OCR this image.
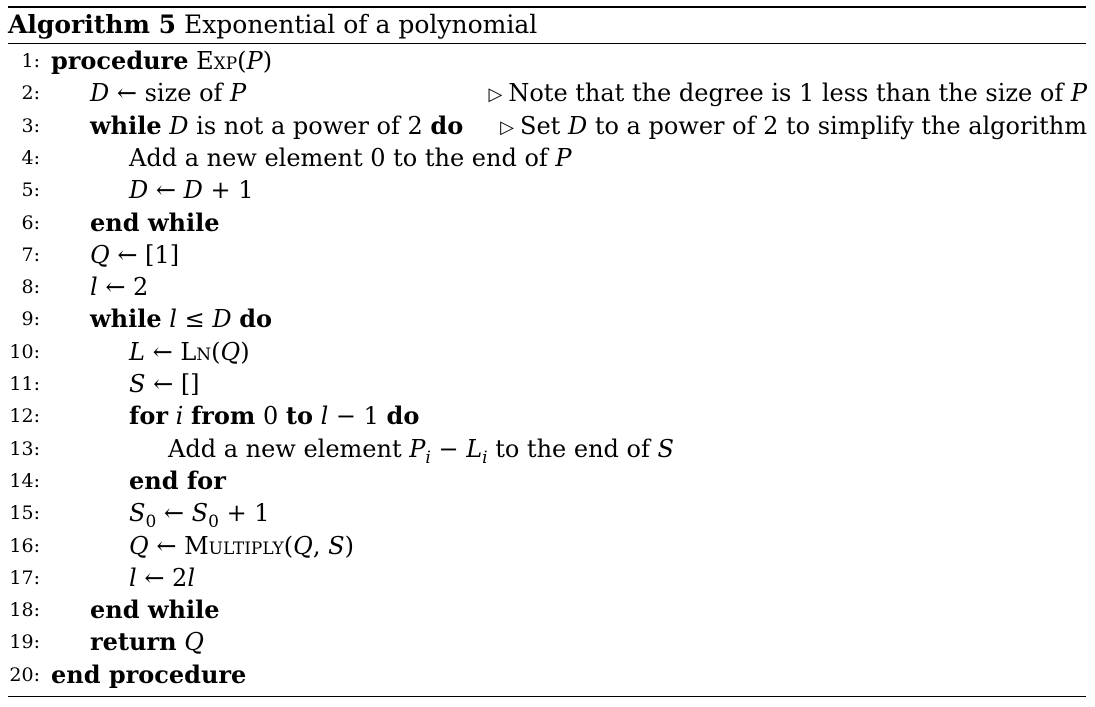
Algorithm 5 Exponential of a polynomial
1: procedure Exp(P)
2: D ← size of P	▷ Note that the degree is 1 less than the size of P
3: while D is not a power of 2 do ▷ Set D to a power of 2 to simplify the algorithm
4:	Add a new element 0 to the end of P
5:	D ← D + 1
6: end while
7: Q ← [1]
8: l ← 2
9: while l ≤ D do
10:	L ← Ln(Q)
11:	S ← []
12:	for i from 0 to l − 1 do
13:	Add a new element $P_i - L_i$ to the end of S
14:	end for
15:	$S_0$ ← $S_0 + 1$
16:	Q ← Multiply(Q, S)
17:	l ← 2l
18: end while
19: return Q
20: end procedure
